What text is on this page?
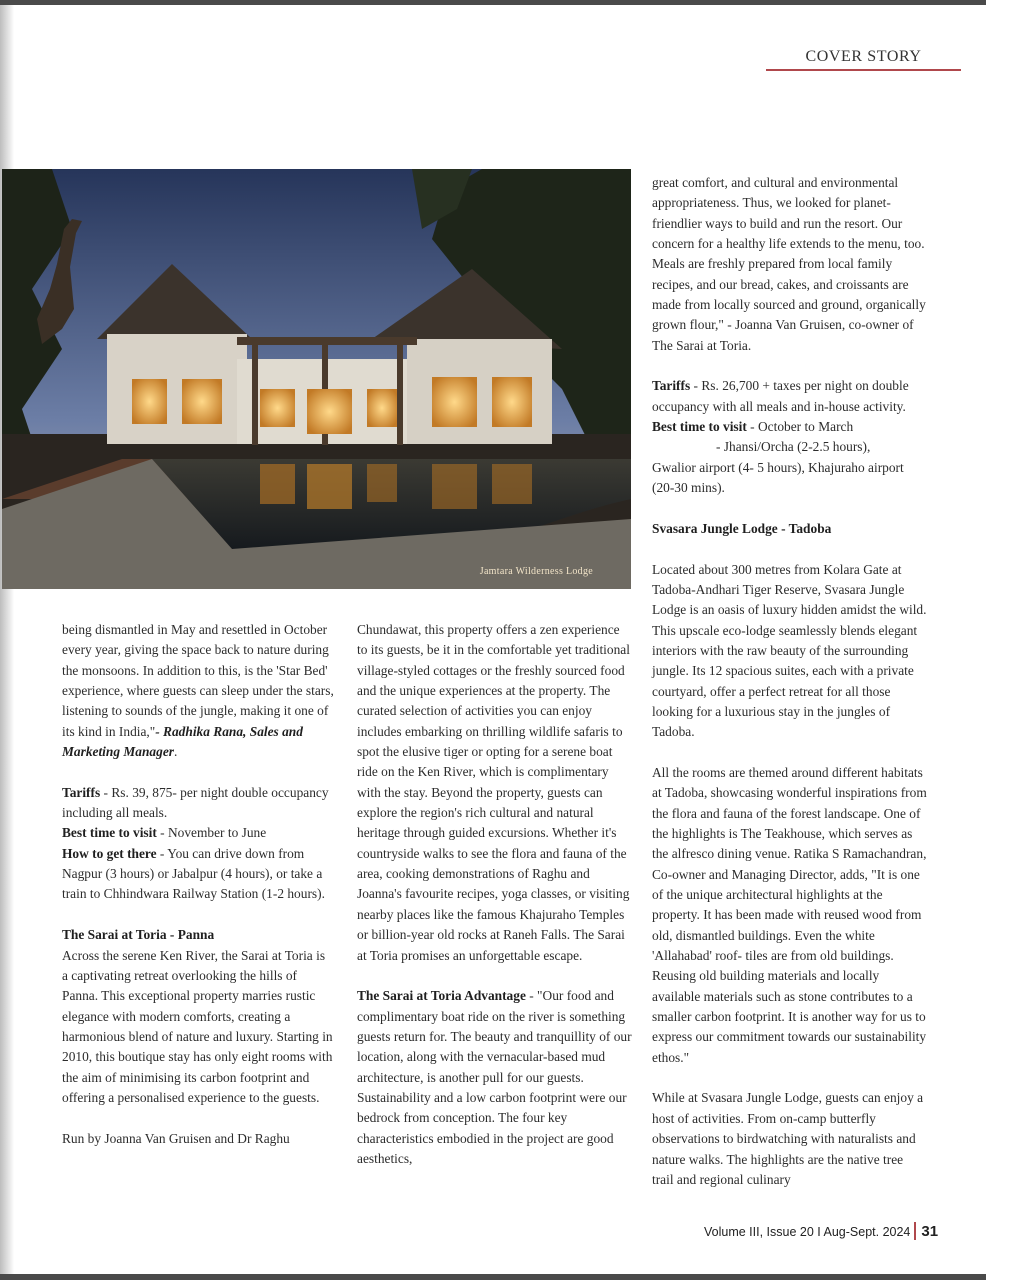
COVER STORY
Jamtara Wilderness Lodge

being dismantled in May and resettled in October every year, giving the space back to nature during the monsoons. In addition to this, is the 'Star Bed' experience, where guests can sleep under the stars, listening to sounds of the jungle, making it one of its kind in India,"- Radhika Rana, Sales and Marketing Manager.

Tariffs - Rs. 39, 875- per night double occupancy including all meals.

Best time to visit - November to June

How to get there - You can drive down from Nagpur (3 hours) or Jabalpur (4 hours), or take a train to Chhindwara Railway Station (1-2 hours).

The Sarai at Toria - Panna

Across the serene Ken River, the Sarai at Toria is a captivating retreat overlooking the hills of Panna. This exceptional property marries rustic elegance with modern comforts, creating a harmonious blend of nature and luxury. Starting in 2010, this boutique stay has only eight rooms with the aim of minimising its carbon footprint and offering a personalised experience to the guests.

Run by Joanna Van Gruisen and Dr Raghu

Chundawat, this property offers a zen experience to its guests, be it in the comfortable yet traditional village-styled cottages or the freshly sourced food and the unique experiences at the property. The curated selection of activities you can enjoy includes embarking on thrilling wildlife safaris to spot the elusive tiger or opting for a serene boat ride on the Ken River, which is complimentary with the stay. Beyond the property, guests can explore the region's rich cultural and natural heritage through guided excursions. Whether it's countryside walks to see the flora and fauna of the area, cooking demonstrations of Raghu and Joanna's favourite recipes, yoga classes, or visiting nearby places like the famous Khajuraho Temples or billion-year old rocks at Raneh Falls. The Sarai at Toria promises an unforgettable escape.

The Sarai at Toria Advantage - "Our food and complimentary boat ride on the river is something guests return for. The beauty and tranquillity of our location, along with the vernacular-based mud architecture, is another pull for our guests. Sustainability and a low carbon footprint were our bedrock from conception. The four key characteristics embodied in the project are good aesthetics,

great comfort, and cultural and environmental appropriateness. Thus, we looked for planet-friendlier ways to build and run the resort. Our concern for a healthy life extends to the menu, too. Meals are freshly prepared from local family recipes, and our bread, cakes, and croissants are made from locally sourced and ground, organically grown flour," - Joanna Van Gruisen, co-owner of The Sarai at Toria.

Tariffs - Rs. 26,700 + taxes per night on double occupancy with all meals and in-house activity.

Best time to visit - October to March

- Jhansi/Orcha (2-2.5 hours),

Gwalior airport (4- 5 hours), Khajuraho airport (20-30 mins).

Svasara Jungle Lodge - Tadoba

Located about 300 metres from Kolara Gate at Tadoba-Andhari Tiger Reserve, Svasara Jungle Lodge is an oasis of luxury hidden amidst the wild. This upscale eco-lodge seamlessly blends elegant interiors with the raw beauty of the surrounding jungle. Its 12 spacious suites, each with a private courtyard, offer a perfect retreat for all those looking for a luxurious stay in the jungles of Tadoba.

All the rooms are themed around different habitats at Tadoba, showcasing wonderful inspirations from the flora and fauna of the forest landscape. One of the highlights is The Teakhouse, which serves as the alfresco dining venue. Ratika S Ramachandran, Co-owner and Managing Director, adds, "It is one of the unique architectural highlights at the property. It has been made with reused wood from old, dismantled buildings. Even the white 'Allahabad' roof- tiles are from old buildings. Reusing old building materials and locally available materials such as stone contributes to a smaller carbon footprint. It is another way for us to express our commitment towards our sustainability ethos."

While at Svasara Jungle Lodge, guests can enjoy a host of activities. From on-camp butterfly observations to birdwatching with naturalists and nature walks. The highlights are the native tree trail and regional culinary

Volume III, Issue 20 I Aug-Sept. 2024 31
